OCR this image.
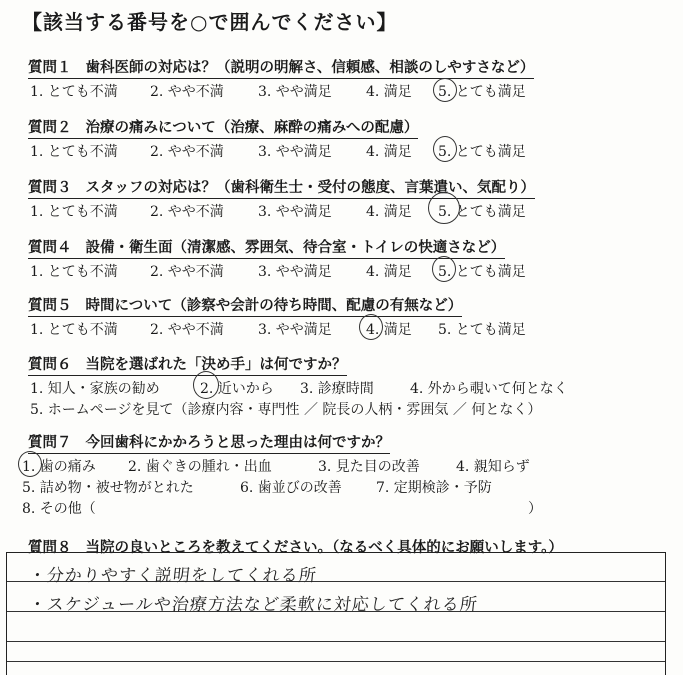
【該当する番号を○で囲んでください】
質問１ 歯科医師の対応は？（説明の明解さ、信頼感、相談のしやすさなど）
1. とても不満 2. やや不満 3. やや満足 4. 満足 5. とても満足
質問２ 治療の痛みについて（治療、麻酔の痛みへの配慮）
1. とても不満 2. やや不満 3. やや満足 4. 満足 5. とても満足
質問３ スタッフの対応は？（歯科衛生士・受付の態度、言葉遣い、気配り）
1. とても不満 2. やや不満 3. やや満足 4. 満足 5. とても満足
質問４ 設備・衛生面（清潔感、雰囲気、待合室・トイレの快適さなど）
1. とても不満 2. やや不満 3. やや満足 4. 満足 5. とても満足
質問５ 時間について（診察や会計の待ち時間、配慮の有無など）
1. とても不満 2. やや不満 3. やや満足 4. 満足 5. とても満足
質問６ 当院を選ばれた「決め手」は何ですか？
1. 知人・家族の勧め	2. 近いから 3. 診療時間	4. 外から覗いて何となく
5. ホームページを見て（診療内容・専門性 ／ 院長の人柄・雰囲気 ／ 何となく）
質問７ 今回歯科にかかろうと思った理由は何ですか？
1. 歯の痛み 2. 歯ぐきの腫れ・出血	3. 見た目の改善	4. 親知らず
5. 詰め物・被せ物がとれた	6. 歯並びの改善 7. 定期検診・予防
8. その他（	）
質問８ 当院の良いところを教えてください。（なるべく具体的にお願いします。）
・分かりやすく説明をしてくれる所
・スケジュールや治療方法など柔軟に対応してくれる所
